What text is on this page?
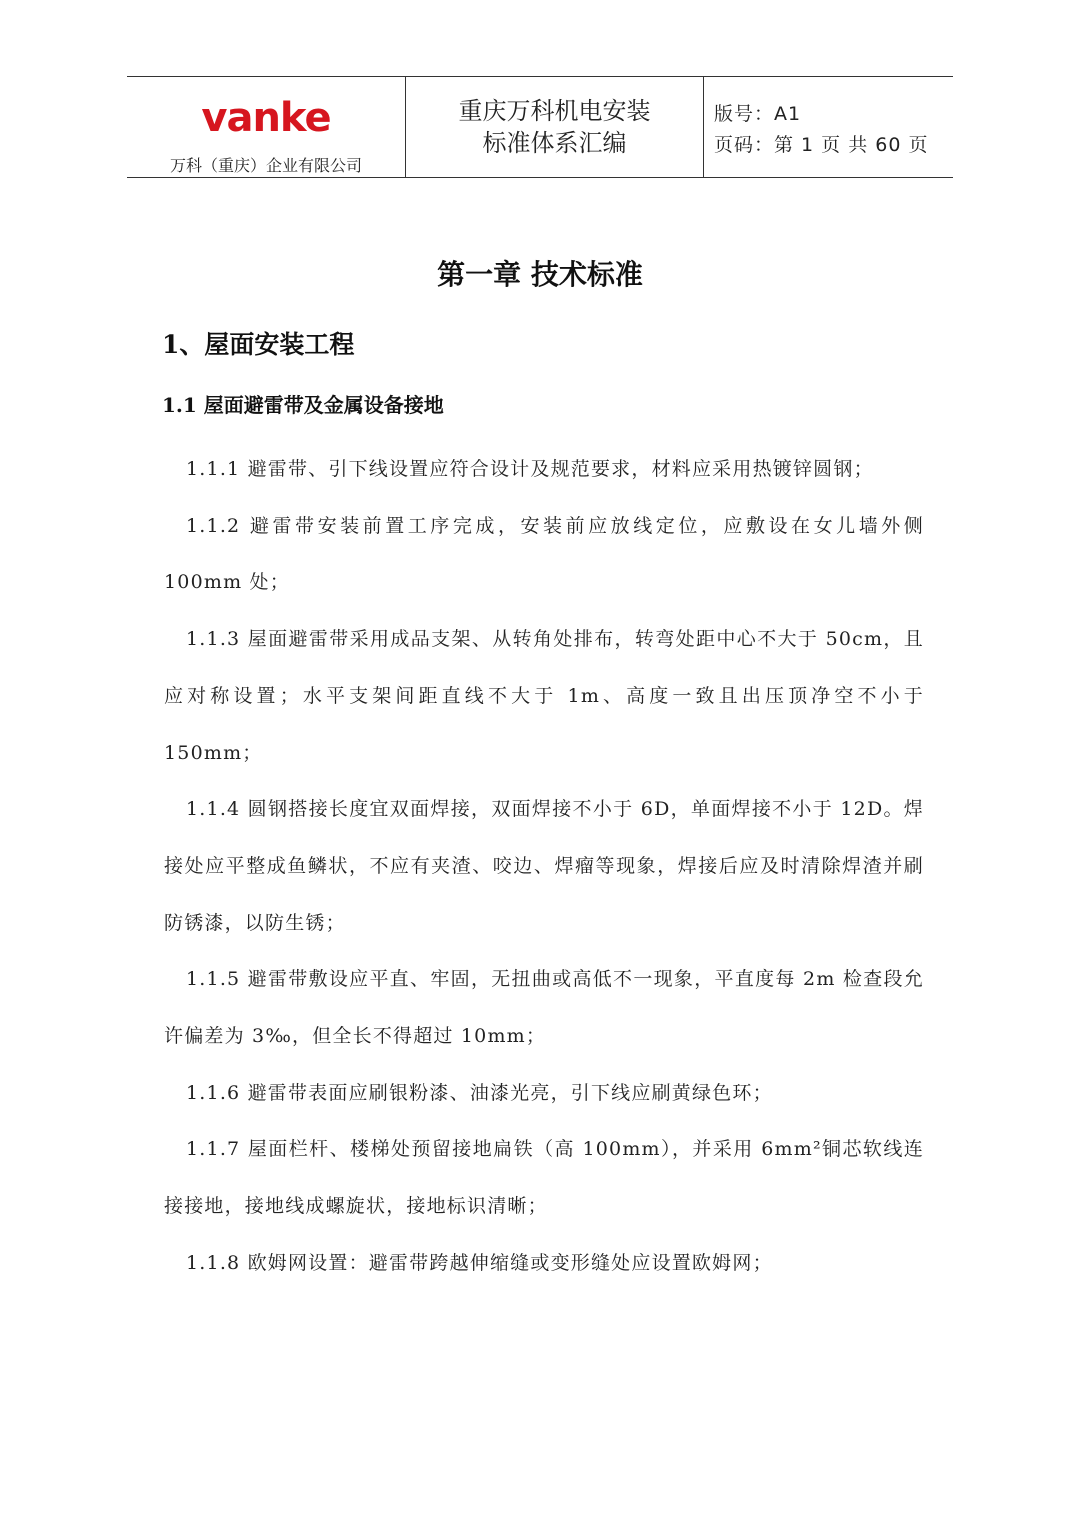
vanke
万科（重庆）企业有限公司
重庆万科机电安装
标准体系汇编
版号：A1
页码：第 1 页 共 60 页
第一章 技术标准
1、屋面安装工程
1.1 屋面避雷带及金属设备接地

1.1.1 避雷带、引下线设置应符合设计及规范要求，材料应采用热镀锌圆钢；

1.1.2 避雷带安装前置工序完成，安装前应放线定位，应敷设在女儿墙外侧 100mm 处；

1.1.3 屋面避雷带采用成品支架、从转角处排布，转弯处距中心不大于 50cm，且应对称设置；水平支架间距直线不大于 1m、高度一致且出压顶净空不小于 150mm；

1.1.4 圆钢搭接长度宜双面焊接，双面焊接不小于 6D，单面焊接不小于 12D。焊接处应平整成鱼鳞状，不应有夹渣、咬边、焊瘤等现象，焊接后应及时清除焊渣并刷防锈漆，以防生锈；

1.1.5 避雷带敷设应平直、牢固，无扭曲或高低不一现象，平直度每 2m 检查段允许偏差为 3‰，但全长不得超过 10mm；

1.1.6 避雷带表面应刷银粉漆、油漆光亮，引下线应刷黄绿色环；

1.1.7 屋面栏杆、楼梯处预留接地扁铁（高 100mm），并采用 6mm²铜芯软线连接接地，接地线成螺旋状，接地标识清晰；

1.1.8 欧姆网设置：避雷带跨越伸缩缝或变形缝处应设置欧姆网；
